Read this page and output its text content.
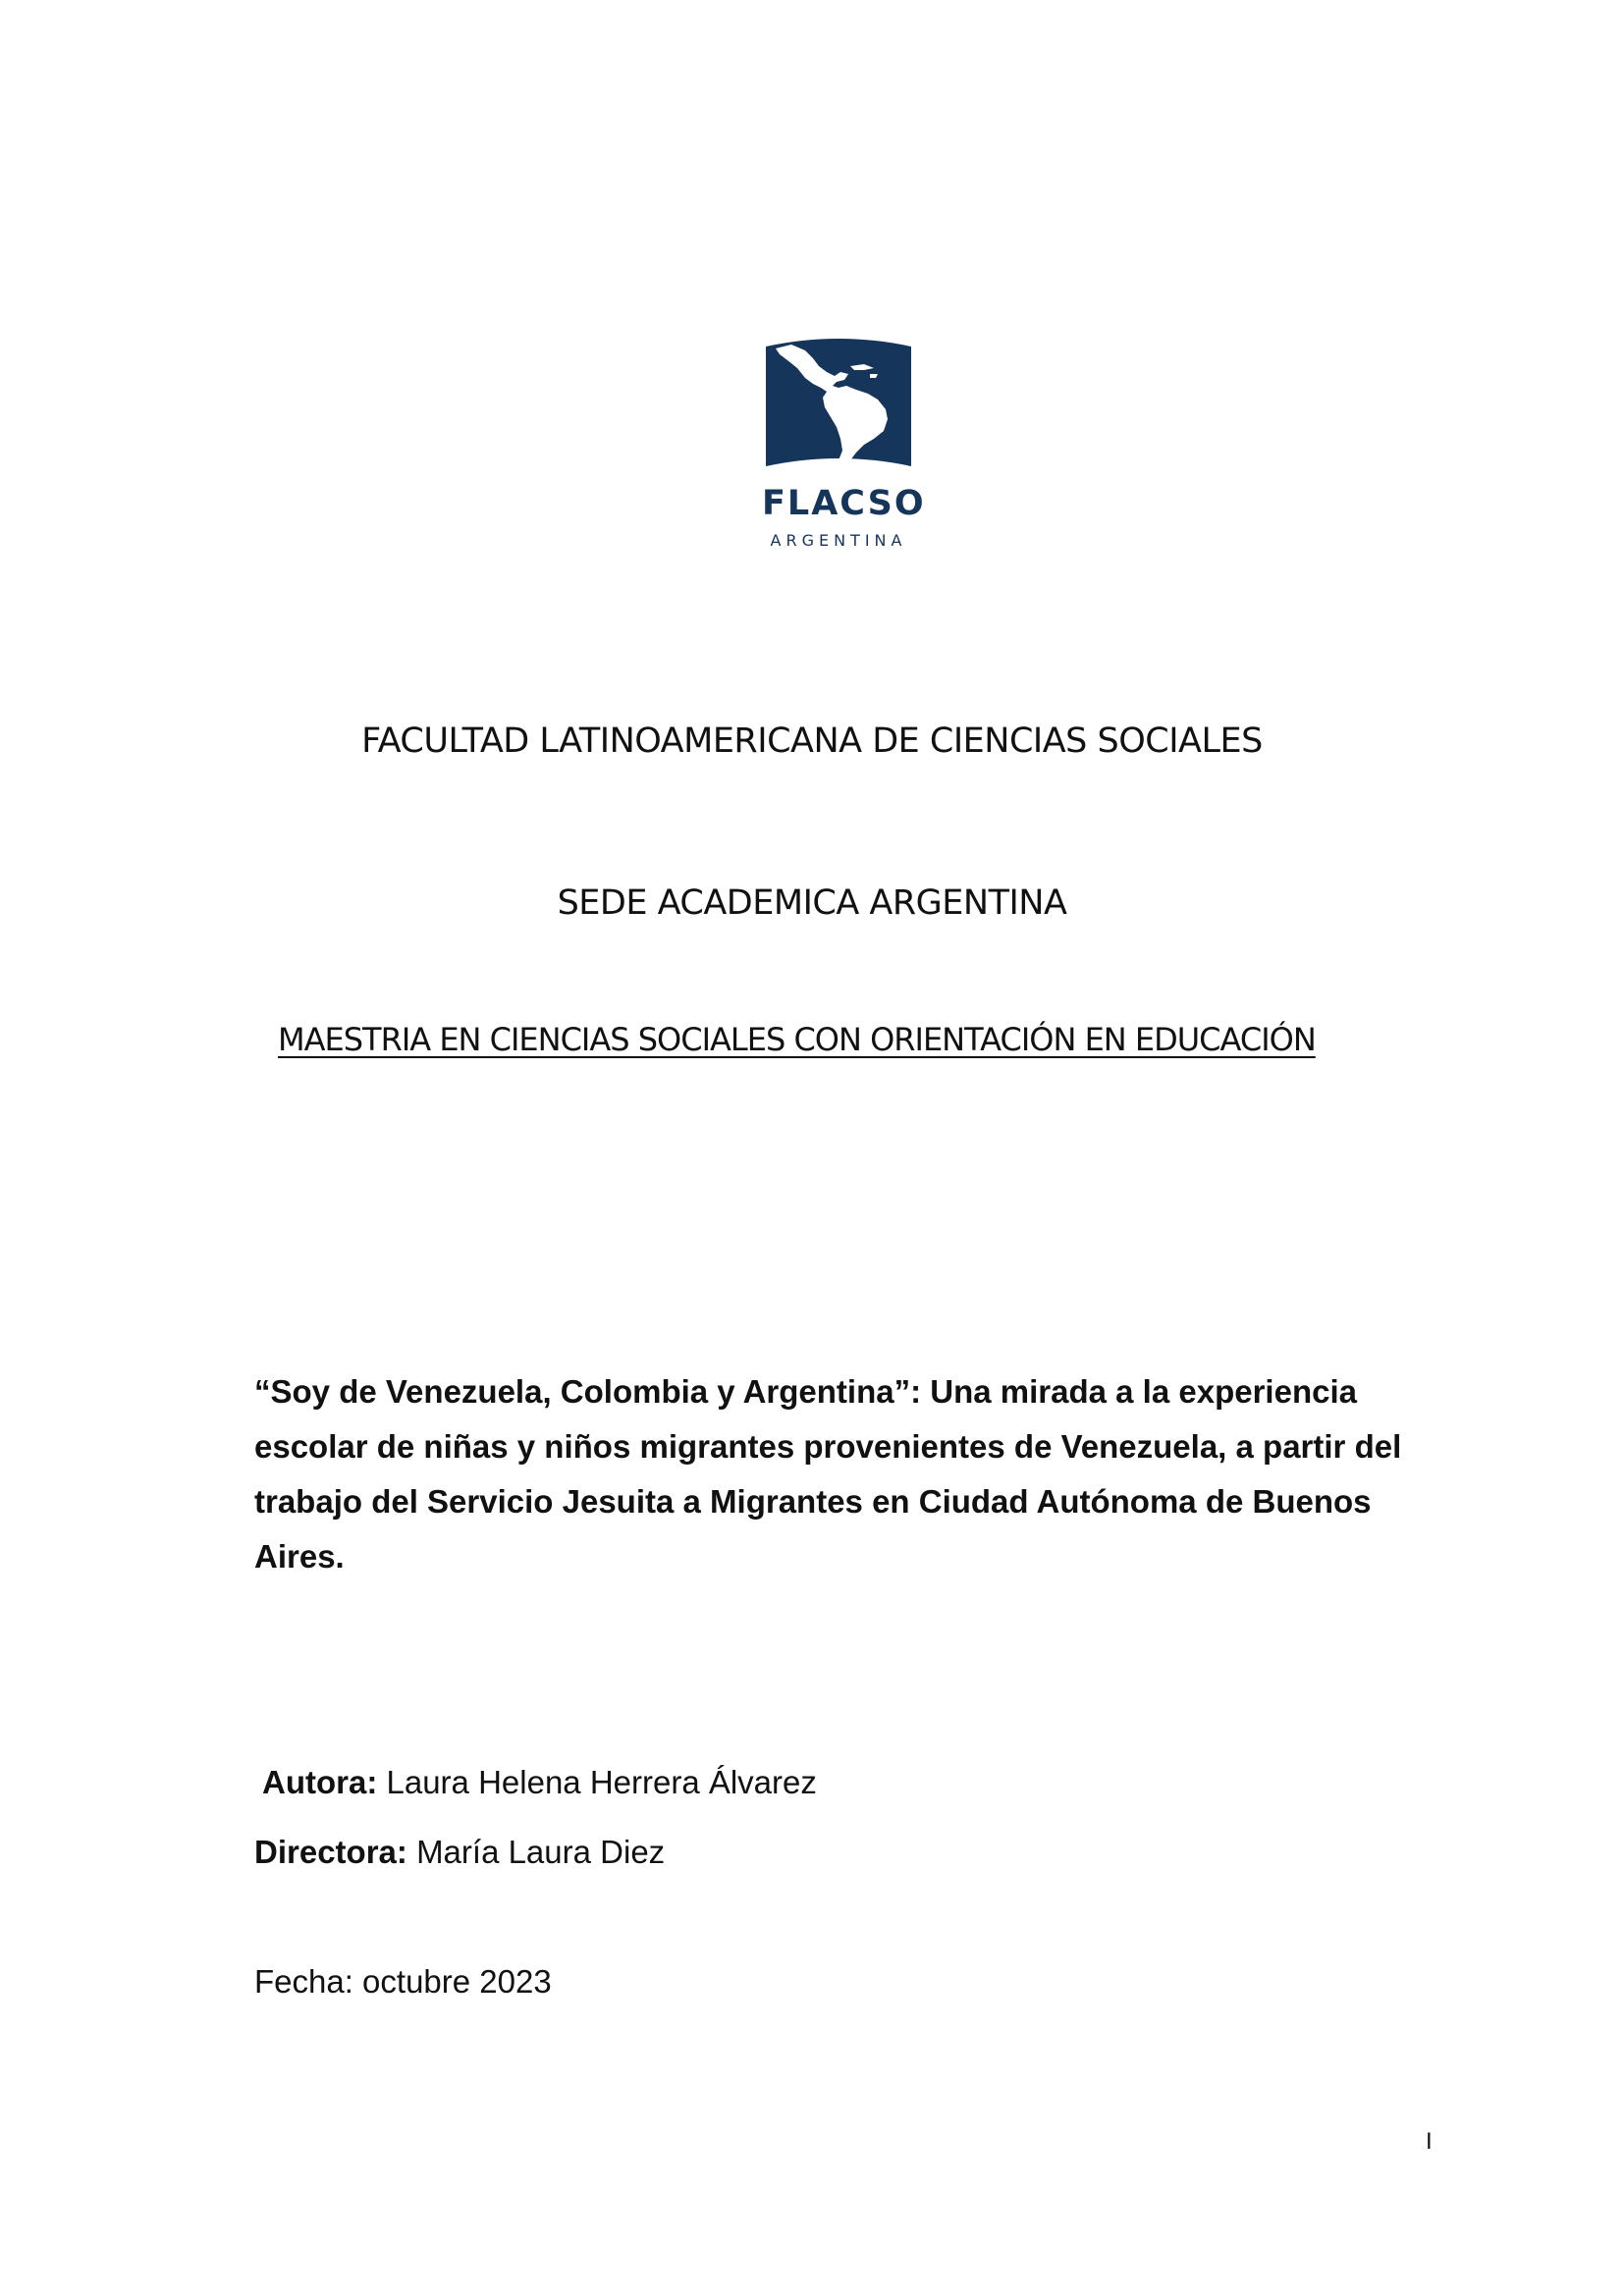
FLACSO
ARGENTINA
FACULTAD LATINOAMERICANA DE CIENCIAS SOCIALES
SEDE ACADEMICA ARGENTINA
MAESTRIA EN CIENCIAS SOCIALES CON ORIENTACIÓN EN EDUCACIÓN
“Soy de Venezuela, Colombia y Argentina”: Una mirada a la experiencia escolar de niñas y niños migrantes provenientes de Venezuela, a partir del trabajo del Servicio Jesuita a Migrantes en Ciudad Autónoma de Buenos Aires.
Autora: Laura Helena Herrera Álvarez
Directora: María Laura Diez
Fecha: octubre 2023
I
